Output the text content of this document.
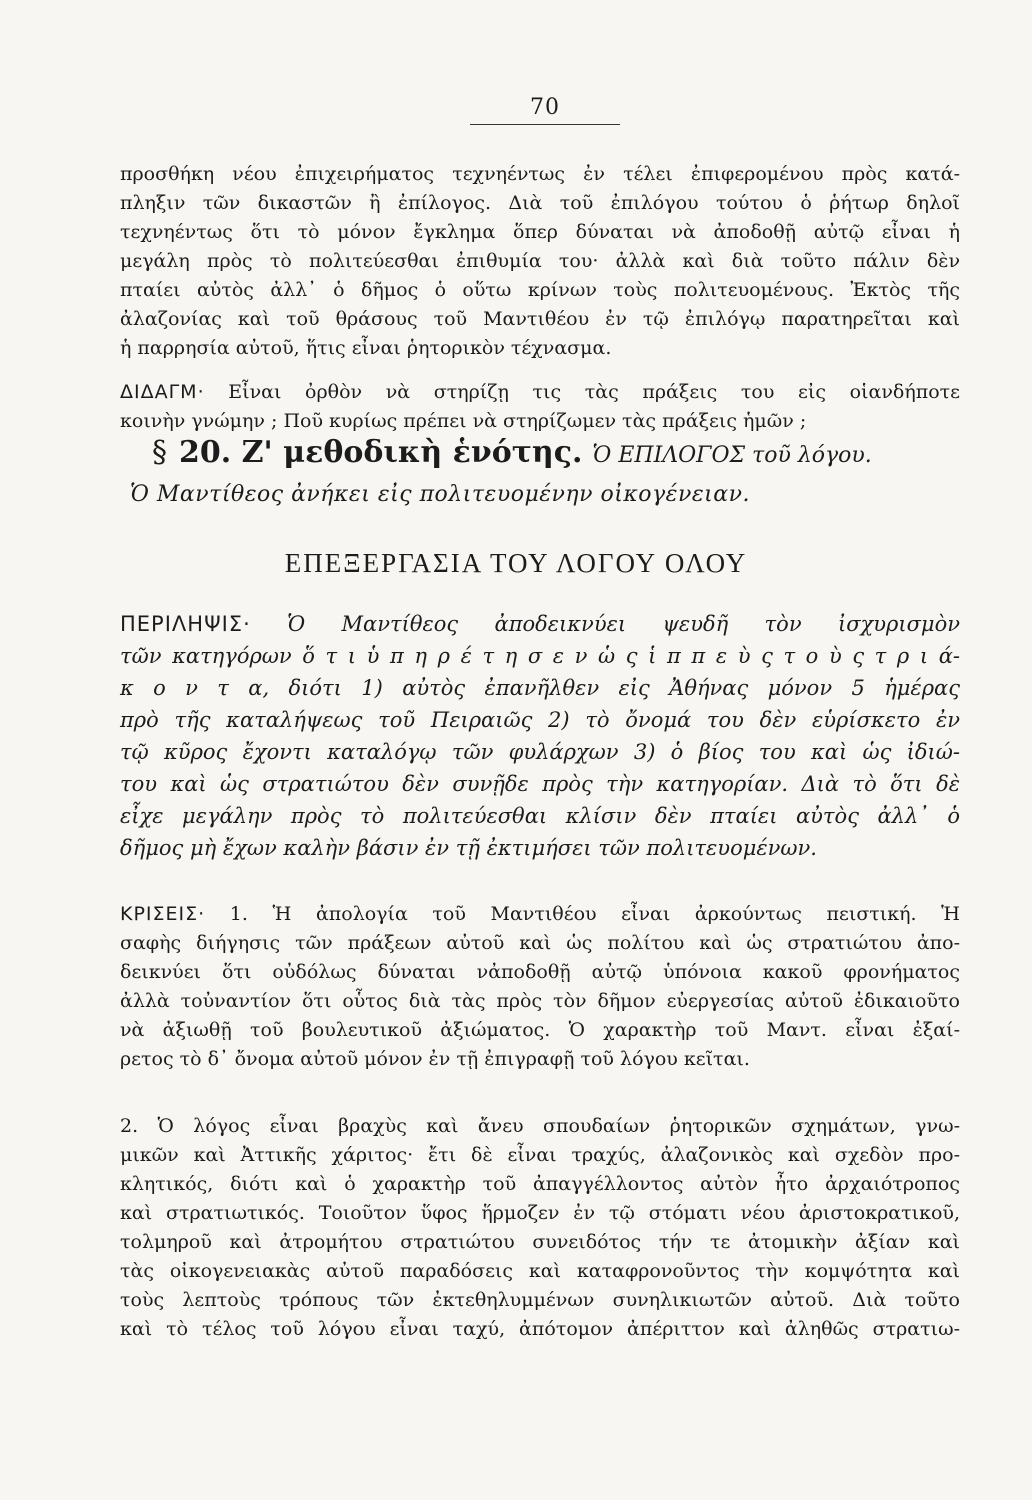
70
προσθήκη νέου ἐπιχειρήματος τεχνηέντως ἐν τέλει ἐπιφερομένου πρὸς κατά-
πληξιν τῶν δικαστῶν ἢ ἐπίλογος. Διὰ τοῦ ἐπιλόγου τούτου ὁ ῥήτωρ δηλοῖ
τεχνηέντως ὅτι τὸ μόνον ἔγκλημα ὅπερ δύναται νὰ ἀποδοθῇ αὐτῷ εἶναι ἡ
μεγάλη πρὸς τὸ πολιτεύεσθαι ἐπιθυμία του· ἀλλὰ καὶ διὰ τοῦτο πάλιν δὲν
πταίει αὐτὸς ἀλλ᾿ ὁ δῆμος ὁ οὕτω κρίνων τοὺς πολιτευομένους. Ἐκτὸς τῆς
ἀλαζονίας καὶ τοῦ θράσους τοῦ Μαντιθέου ἐν τῷ ἐπιλόγῳ παρατηρεῖται καὶ
ἡ παρρησία αὐτοῦ, ἥτις εἶναι ῥητορικὸν τέχνασμα.
ΔΙΔΑΓΜ· Εἶναι ὀρθὸν νὰ στηρίζῃ τις τὰς πράξεις του εἰς οἱανδήποτε
κοινὴν γνώμην ; Ποῦ κυρίως πρέπει νὰ στηρίζωμεν τὰς πράξεις ἡμῶν ;
§ 20. Ζ' μεθοδικὴ ἑνότης. Ὁ ΕΠΙΛΟΓΟΣ τοῦ λόγου.
Ὁ Μαντίθεος ἀνήκει εἰς πολιτευομένην οἰκογένειαν.
ΕΠΕΞΕΡΓΑΣΙΑ ΤΟΥ ΛΟΓΟΥ ΟΛΟΥ
ΠΕΡΙΛΗΨΙΣ· Ὁ Μαντίθεος ἀποδεικνύει ψευδῆ τὸν ἰσχυρισμὸν
τῶν κατηγόρων ὅ τ ι ὑ π η ρ έ τ η σ ε ν ὡ ς ἱ π π ε ὺ ς τ ο ὺ ς τ ρ ι ά-
κ ο ν τ α, διότι 1) αὐτὸς ἐπανῆλθεν εἰς Ἀθήνας μόνον 5 ἡμέρας
πρὸ τῆς καταλήψεως τοῦ Πειραιῶς 2) τὸ ὄνομά του δὲν εὑρίσκετο ἐν
τῷ κῦρος ἔχοντι καταλόγῳ τῶν φυλάρχων 3) ὁ βίος του καὶ ὡς ἰδιώ-
του καὶ ὡς στρατιώτου δὲν συνῇδε πρὸς τὴν κατηγορίαν. Διὰ τὸ ὅτι δὲ
εἶχε μεγάλην πρὸς τὸ πολιτεύεσθαι κλίσιν δὲν πταίει αὐτὸς ἀλλ᾿ ὁ
δῆμος μὴ ἔχων καλὴν βάσιν ἐν τῇ ἐκτιμήσει τῶν πολιτευομένων.
ΚΡΙΣΕΙΣ· 1. Ἡ ἀπολογία τοῦ Μαντιθέου εἶναι ἀρκούντως πειστική. Ἡ
σαφὴς διήγησις τῶν πράξεων αὐτοῦ καὶ ὡς πολίτου καὶ ὡς στρατιώτου ἀπο-
δεικνύει ὅτι οὐδόλως δύναται νἀποδοθῇ αὐτῷ ὑπόνοια κακοῦ φρονήματος
ἀλλὰ τοὐναντίον ὅτι οὗτος διὰ τὰς πρὸς τὸν δῆμον εὐεργεσίας αὐτοῦ ἐδικαιοῦτο
νὰ ἀξιωθῇ τοῦ βουλευτικοῦ ἀξιώματος. Ὁ χαρακτὴρ τοῦ Μαντ. εἶναι ἐξαί-
ρετος τὸ δ᾿ ὄνομα αὐτοῦ μόνον ἐν τῇ ἐπιγραφῇ τοῦ λόγου κεῖται.
2. Ὁ λόγος εἶναι βραχὺς καὶ ἄνευ σπουδαίων ῥητορικῶν σχημάτων, γνω-
μικῶν καὶ Ἀττικῆς χάριτος· ἔτι δὲ εἶναι τραχύς, ἀλαζονικὸς καὶ σχεδὸν προ-
κλητικός, διότι καὶ ὁ χαρακτὴρ τοῦ ἀπαγγέλλοντος αὐτὸν ἦτο ἀρχαιότροπος
καὶ στρατιωτικός. Τοιοῦτον ὕφος ἥρμοζεν ἐν τῷ στόματι νέου ἀριστοκρατικοῦ,
τολμηροῦ καὶ ἀτρομήτου στρατιώτου συνειδότος τήν τε ἀτομικὴν ἀξίαν καὶ
τὰς οἰκογενειακὰς αὐτοῦ παραδόσεις καὶ καταφρονοῦντος τὴν κομψότητα καὶ
τοὺς λεπτοὺς τρόπους τῶν ἐκτεθηλυμμένων συνηλικιωτῶν αὐτοῦ. Διὰ τοῦτο
καὶ τὸ τέλος τοῦ λόγου εἶναι ταχύ, ἀπότομον ἀπέριττον καὶ ἀληθῶς στρατιω-
